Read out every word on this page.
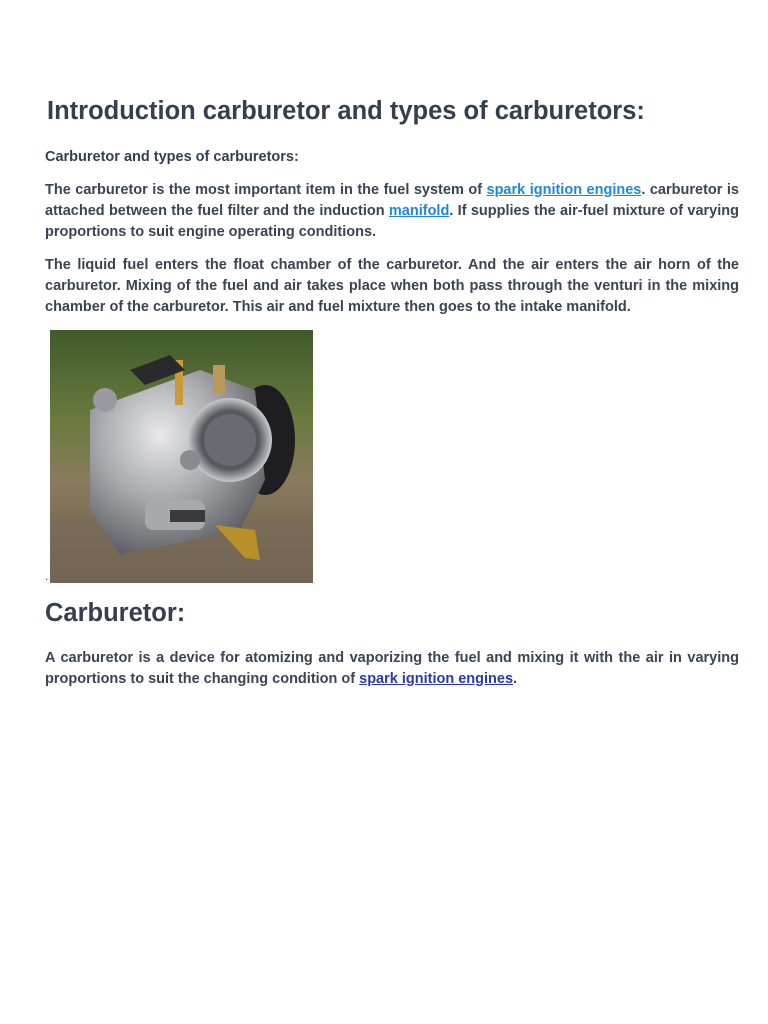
Introduction carburetor and types of carburetors:
Carburetor and types of carburetors:

The carburetor is the most important item in the fuel system of spark ignition engines. carburetor is attached between the fuel filter and the induction manifold. If supplies the air-fuel mixture of varying proportions to suit engine operating conditions.

The liquid fuel enters the float chamber of the carburetor. And the air enters the air horn of the carburetor. Mixing of the fuel and air takes place when both pass through the venturi in the mixing chamber of the carburetor. This air and fuel mixture then goes to the intake manifold.

.
Carburetor:

A carburetor is a device for atomizing and vaporizing the fuel and mixing it with the air in varying proportions to suit the changing condition of spark ignition engines.
